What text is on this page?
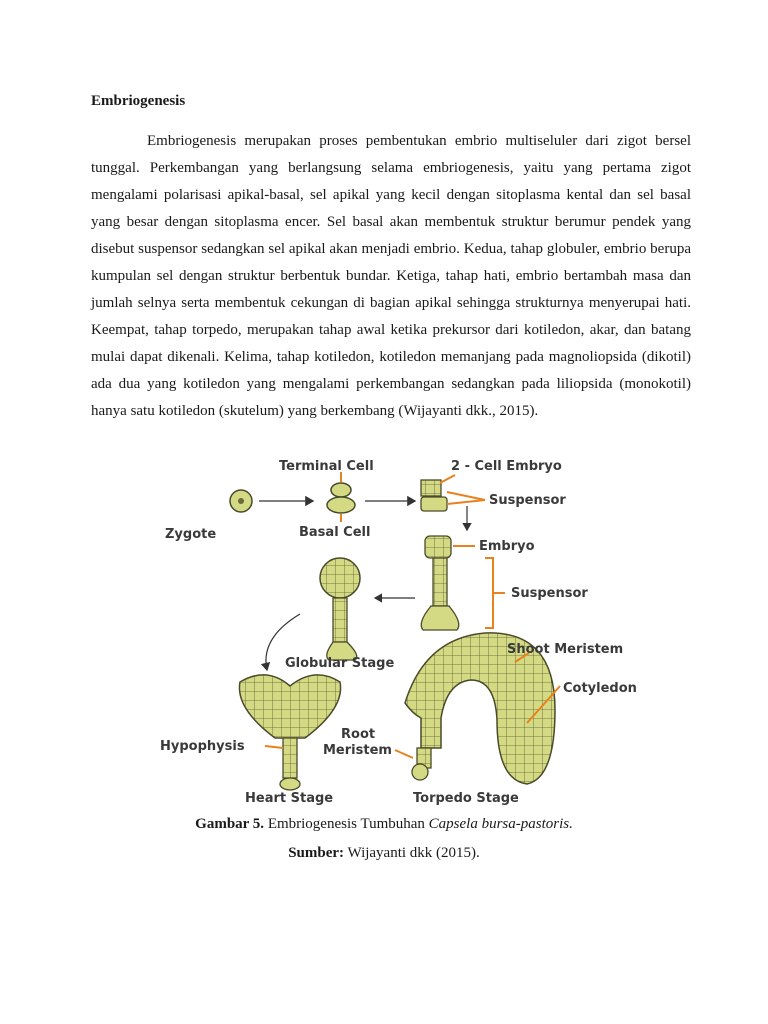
Embriogenesis

Embriogenesis merupakan proses pembentukan embrio multiseluler dari zigot bersel tunggal. Perkembangan yang berlangsung selama embriogenesis, yaitu yang pertama zigot mengalami polarisasi apikal-basal, sel apikal yang kecil dengan sitoplasma kental dan sel basal yang besar dengan sitoplasma encer. Sel basal akan membentuk struktur berumur pendek yang disebut suspensor sedangkan sel apikal akan menjadi embrio. Kedua, tahap globuler, embrio berupa kumpulan sel dengan struktur berbentuk bundar. Ketiga, tahap hati, embrio bertambah masa dan jumlah selnya serta membentuk cekungan di bagian apikal sehingga strukturnya menyerupai hati. Keempat, tahap torpedo, merupakan tahap awal ketika prekursor dari kotiledon, akar, dan batang mulai dapat dikenali. Kelima, tahap kotiledon, kotiledon memanjang pada magnoliopsida (dikotil) ada dua yang kotiledon yang mengalami perkembangan sedangkan pada liliopsida (monokotil) hanya satu kotiledon (skutelum) yang berkembang (Wijayanti dkk., 2015).

Terminal Cell	2 - Cell Embryo
Suspensor
Zygote	Basal Cell
Embryo
Suspensor
Globular Stage
Shoot Meristem
Cotyledon
Hypophysis
Root
Meristem
Heart Stage	Torpedo Stage

Gambar 5. Embriogenesis Tumbuhan Capsela bursa-pastoris.

Sumber: Wijayanti dkk (2015).
